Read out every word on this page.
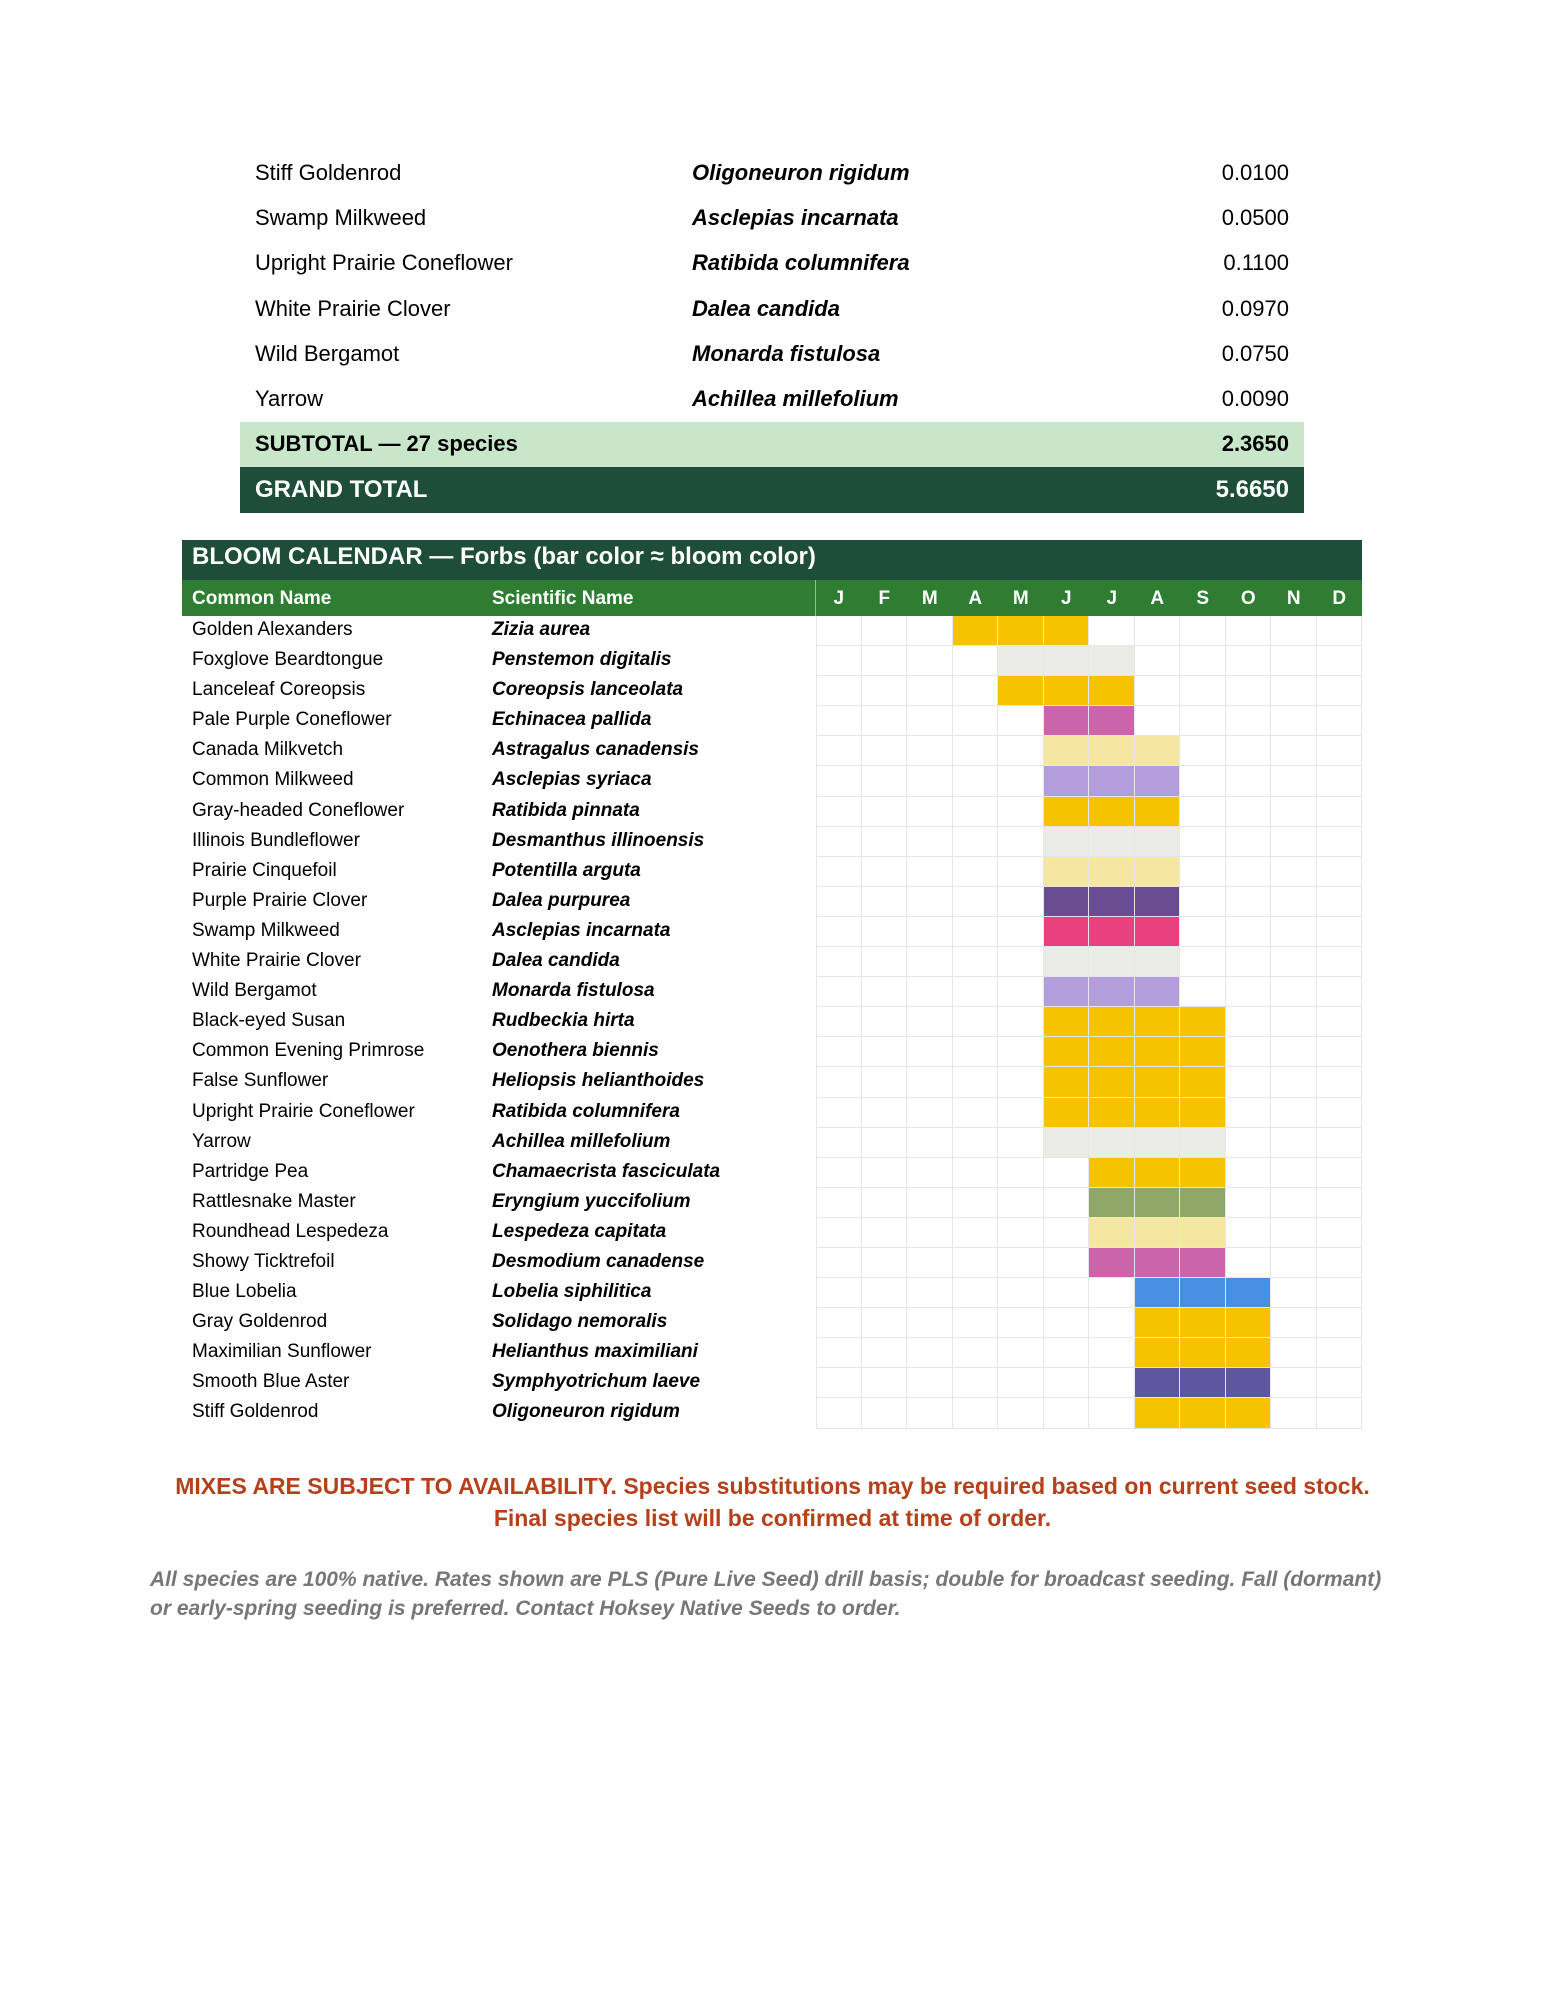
Stiff Goldenrod	Oligoneuron rigidum	0.0100
Swamp Milkweed	Asclepias incarnata	0.0500
Upright Prairie Coneflower	Ratibida columnifera	0.1100
White Prairie Clover	Dalea candida	0.0970
Wild Bergamot	Monarda fistulosa	0.0750
Yarrow	Achillea millefolium	0.0090
SUBTOTAL — 27 species	2.3650
GRAND TOTAL	5.6650
BLOOM CALENDAR — Forbs (bar color ≈ bloom color)
Common Name	Scientific Name	J	F	M	A	M	J	J	A	S	O	N	D
Golden Alexanders	Zizia aurea
Foxglove Beardtongue	Penstemon digitalis
Lanceleaf Coreopsis	Coreopsis lanceolata
Pale Purple Coneflower	Echinacea pallida
Canada Milkvetch	Astragalus canadensis
Common Milkweed	Asclepias syriaca
Gray-headed Coneflower	Ratibida pinnata
Illinois Bundleflower	Desmanthus illinoensis
Prairie Cinquefoil	Potentilla arguta
Purple Prairie Clover	Dalea purpurea
Swamp Milkweed	Asclepias incarnata
White Prairie Clover	Dalea candida
Wild Bergamot	Monarda fistulosa
Black-eyed Susan	Rudbeckia hirta
Common Evening Primrose	Oenothera biennis
False Sunflower	Heliopsis helianthoides
Upright Prairie Coneflower	Ratibida columnifera
Yarrow	Achillea millefolium
Partridge Pea	Chamaecrista fasciculata
Rattlesnake Master	Eryngium yuccifolium
Roundhead Lespedeza	Lespedeza capitata
Showy Ticktrefoil	Desmodium canadense
Blue Lobelia	Lobelia siphilitica
Gray Goldenrod	Solidago nemoralis
Maximilian Sunflower	Helianthus maximiliani
Smooth Blue Aster	Symphyotrichum laeve
Stiff Goldenrod	Oligoneuron rigidum
MIXES ARE SUBJECT TO AVAILABILITY. Species substitutions may be required based on current seed stock. Final species list will be confirmed at time of order.
All species are 100% native. Rates shown are PLS (Pure Live Seed) drill basis; double for broadcast seeding. Fall (dormant) or early-spring seeding is preferred. Contact Hoksey Native Seeds to order.
